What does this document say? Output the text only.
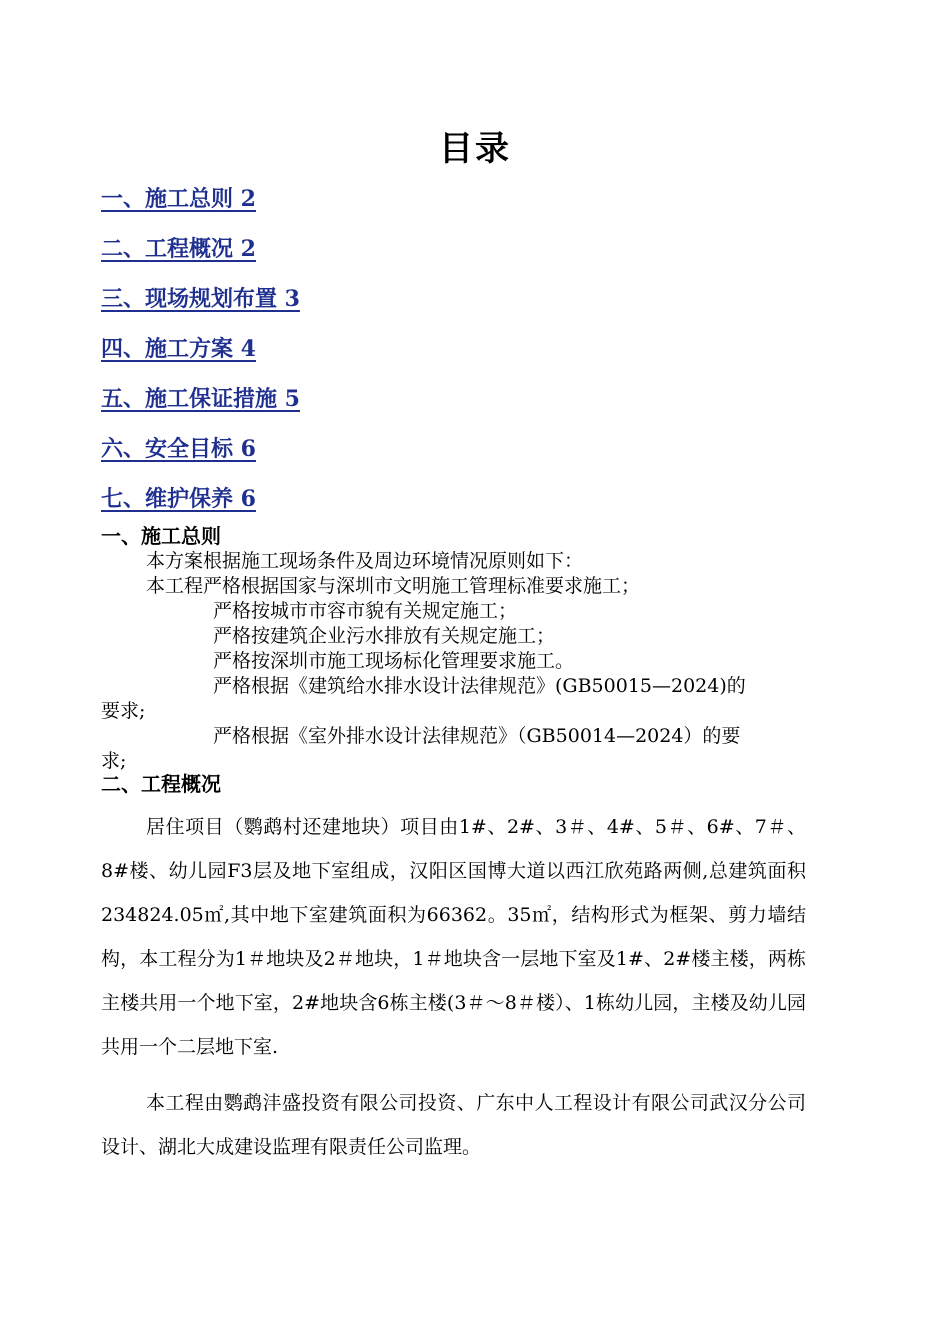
目录
一、施工总则 2
二、工程概况 2
三、现场规划布置 3
四、施工方案 4
五、施工保证措施 5
六、安全目标 6
七、维护保养 6
一、施工总则
本方案根据施工现场条件及周边环境情况原则如下：
本工程严格根据国家与深圳市文明施工管理标准要求施工；
严格按城市市容市貌有关规定施工；
严格按建筑企业污水排放有关规定施工；
严格按深圳市施工现场标化管理要求施工。
严格根据《建筑给水排水设计法律规范》(GB50015—2024)的
要求;
严格根据《室外排水设计法律规范》（GB50014—2024）的要
求;
二、工程概况

居住项目（鹦鹉村还建地块）项目由1#、2#、3＃、4#、5＃、6#、7＃、8#楼、幼儿园F3层及地下室组成，汉阳区国博大道以西江欣苑路两侧,总建筑面积234824.05㎡,其中地下室建筑面积为66362。35㎡，结构形式为框架、剪力墙结构，本工程分为1＃地块及2＃地块，1＃地块含一层地下室及1#、2#楼主楼，两栋主楼共用一个地下室，2#地块含6栋主楼(3＃～8＃楼）、1栋幼儿园，主楼及幼儿园共用一个二层地下室.

本工程由鹦鹉沣盛投资有限公司投资、广东中人工程设计有限公司武汉分公司设计、湖北大成建设监理有限责任公司监理。
